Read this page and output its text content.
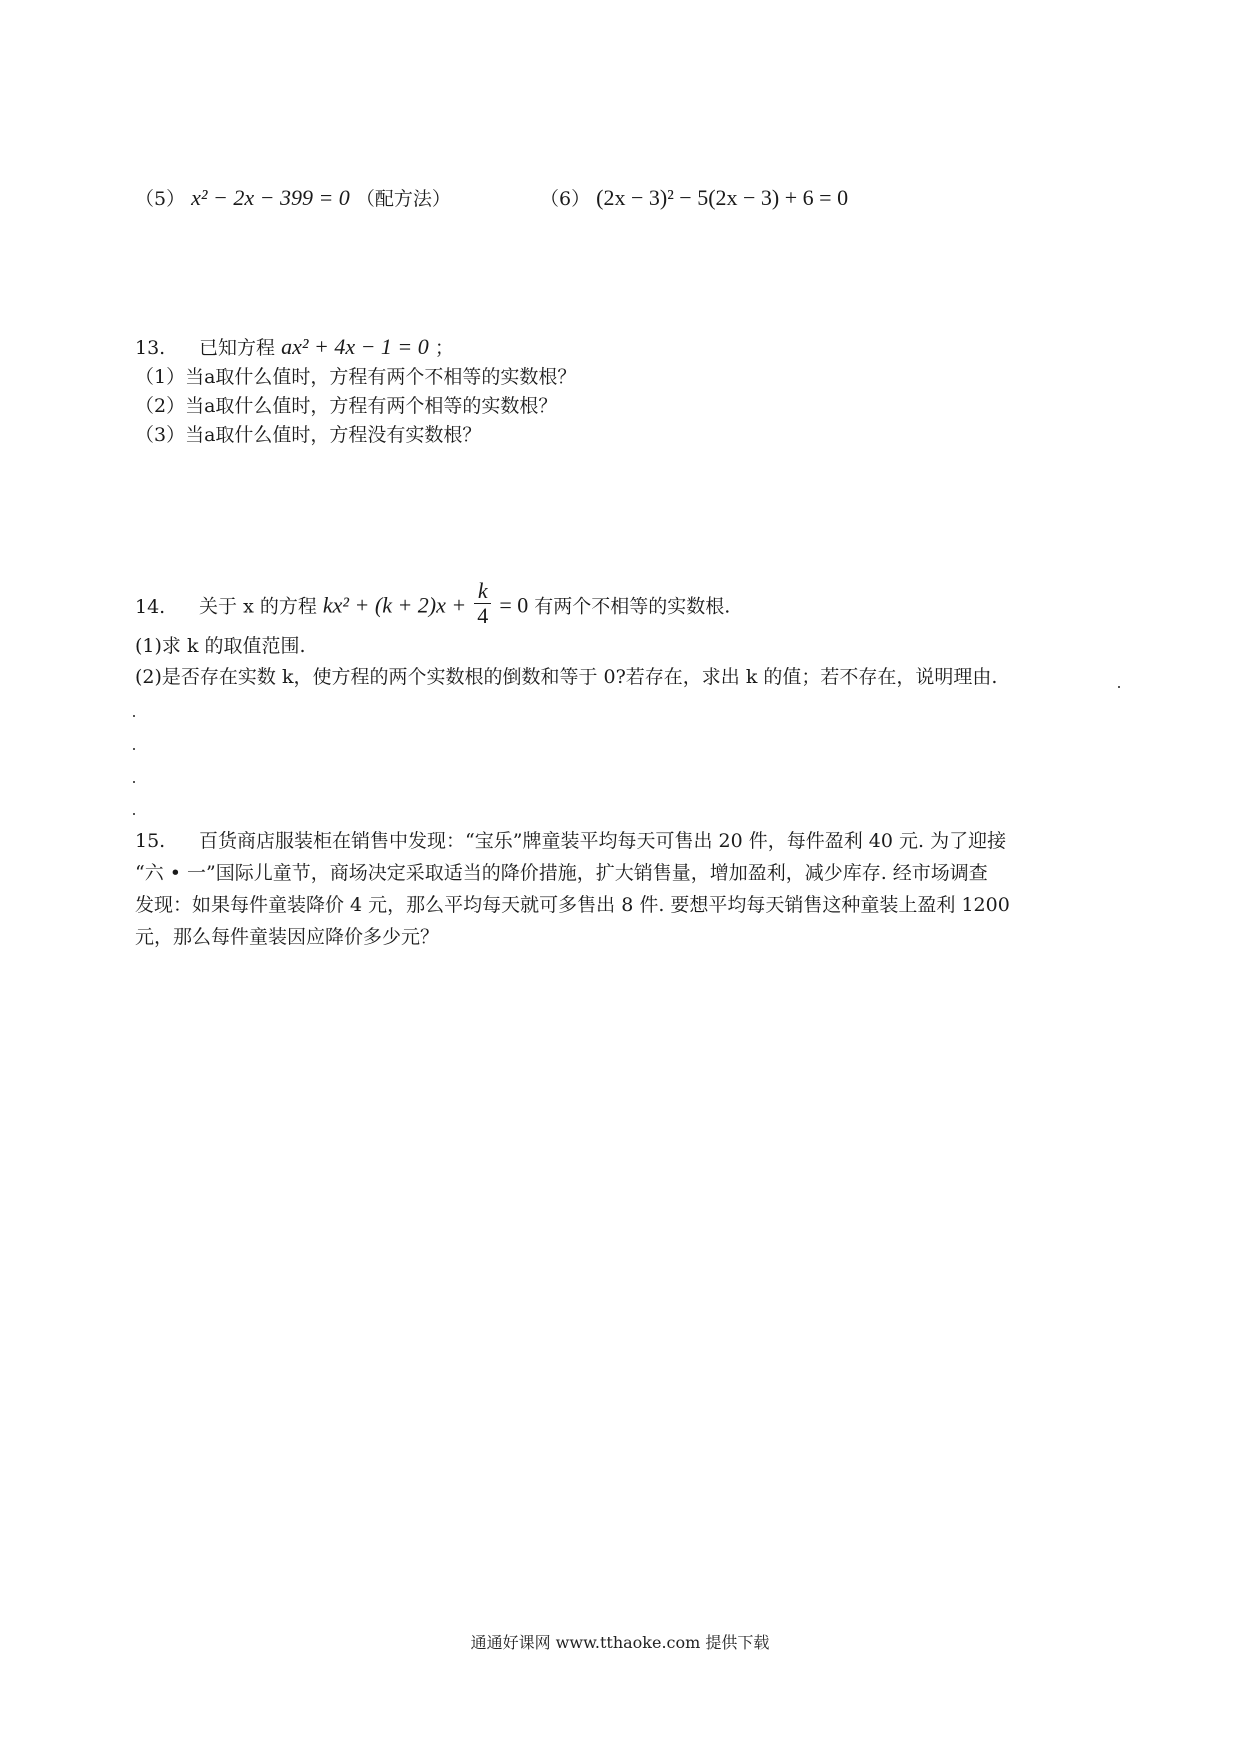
（5） x² − 2x − 399 = 0 （配方法）	（6） (2x − 3)² − 5(2x − 3) + 6 = 0
13. 已知方程 ax² + 4x − 1 = 0 ；
（1）当a取什么值时，方程有两个不相等的实数根？
（2）当a取什么值时，方程有两个相等的实数根？
（3）当a取什么值时，方程没有实数根？
14. 关于 x 的方程 $kx^2 + (k + 2)x + \frac{k}{4} = 0$ 有两个不相等的实数根.
(1)求 k 的取值范围.
(2)是否存在实数 k，使方程的两个实数根的倒数和等于 0?若存在，求出 k 的值；若不存在，说明理由.
15. 百货商店服装柜在销售中发现：“宝乐”牌童装平均每天可售出 20 件，每件盈利 40 元. 为了迎接
“六 • 一”国际儿童节，商场决定采取适当的降价措施，扩大销售量，增加盈利，减少库存. 经市场调查
发现：如果每件童装降价 4 元，那么平均每天就可多售出 8 件. 要想平均每天销售这种童装上盈利 1200
元，那么每件童装因应降价多少元？
通通好课网 www.tthaoke.com 提供下载
